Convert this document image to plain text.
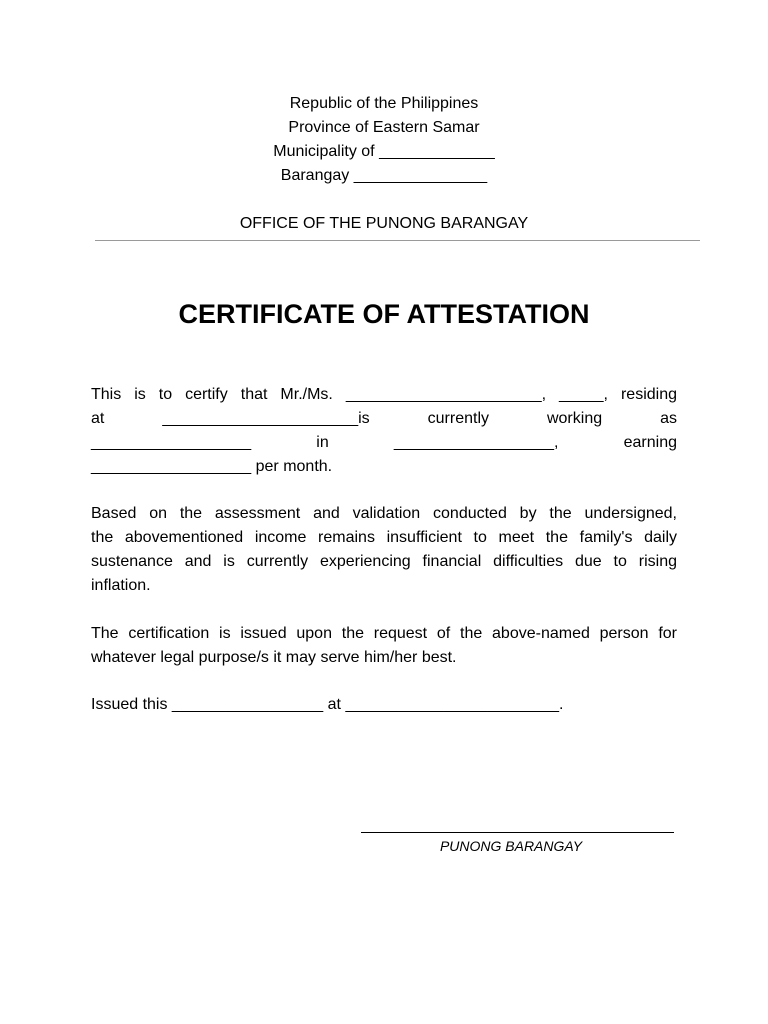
Republic of the Philippines
Province of Eastern Samar
Municipality of _____________
Barangay _______________
OFFICE OF THE PUNONG BARANGAY
CERTIFICATE OF ATTESTATION
This is to certify that Mr./Ms. ______________________, _____, residing
at ______________________is currently working as
__________________ in __________________, earning
__________________ per month.
Based on the assessment and validation conducted by the undersigned,
the abovementioned income remains insufficient to meet the family's daily
sustenance and is currently experiencing financial difficulties due to rising
inflation.
The certification is issued upon the request of the above-named person for
whatever legal purpose/s it may serve him/her best.
Issued this _________________ at ________________________.
PUNONG BARANGAY
